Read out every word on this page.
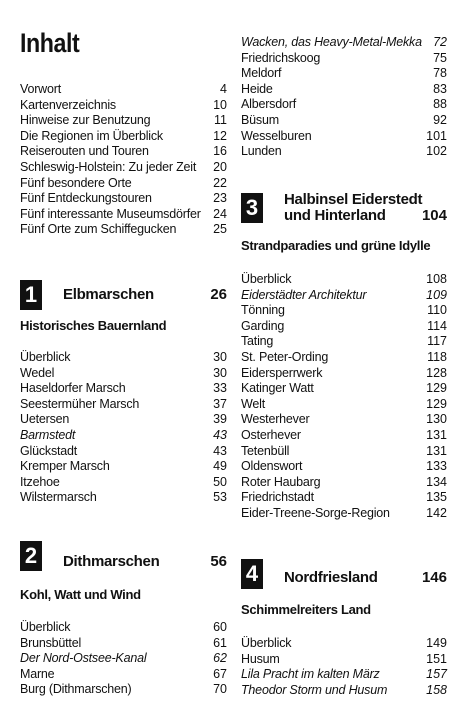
Inhalt
Vorwort	4
Kartenverzeichnis	10
Hinweise zur Benutzung	11
Die Regionen im Überblick	12
Reiserouten und Touren	16
Schleswig-Holstein: Zu jeder Zeit 20
Fünf besondere Orte	22
Fünf Entdeckungstouren	23
Fünf interessante Museumsdörfer 24
Fünf Orte zum Schiffegucken	25
1	Elbmarschen	26
Historisches Bauernland
Überblick	30
Wedel	30
Haseldorfer Marsch	33
Seestermüher Marsch	37
Uetersen	39
Barmstedt	43
Glückstadt	43
Kremper Marsch	49
Itzehoe	50
Wilstermarsch	53
2	Dithmarschen	56
Kohl, Watt und Wind
Überblick	60
Brunsbüttel	61
Der Nord-Ostsee-Kanal	62
Marne	67
Burg (Dithmarschen)	70
Wacken, das Heavy-Metal-Mekka 72
Friedrichskoog	75
Meldorf	78
Heide	83
Albersdorf	88
Büsum	92
Wesselburen	101
Lunden	102
3	Halbinsel Eiderstedt
und Hinterland 104
Strandparadies und grüne Idylle
Überblick	108
Eiderstädter Architektur	109
Tönning	110
Garding	114
Tating	117
St. Peter-Ording	118
Eidersperrwerk	128
Katinger Watt	129
Welt	129
Westerhever	130
Osterhever	131
Tetenbüll	131
Oldenswort	133
Roter Haubarg	134
Friedrichstadt	135
Eider-Treene-Sorge-Region	142
4	Nordfriesland	146
Schimmelreiters Land
Überblick	149
Husum	151
Lila Pracht im kalten März	157
Theodor Storm und Husum	158
